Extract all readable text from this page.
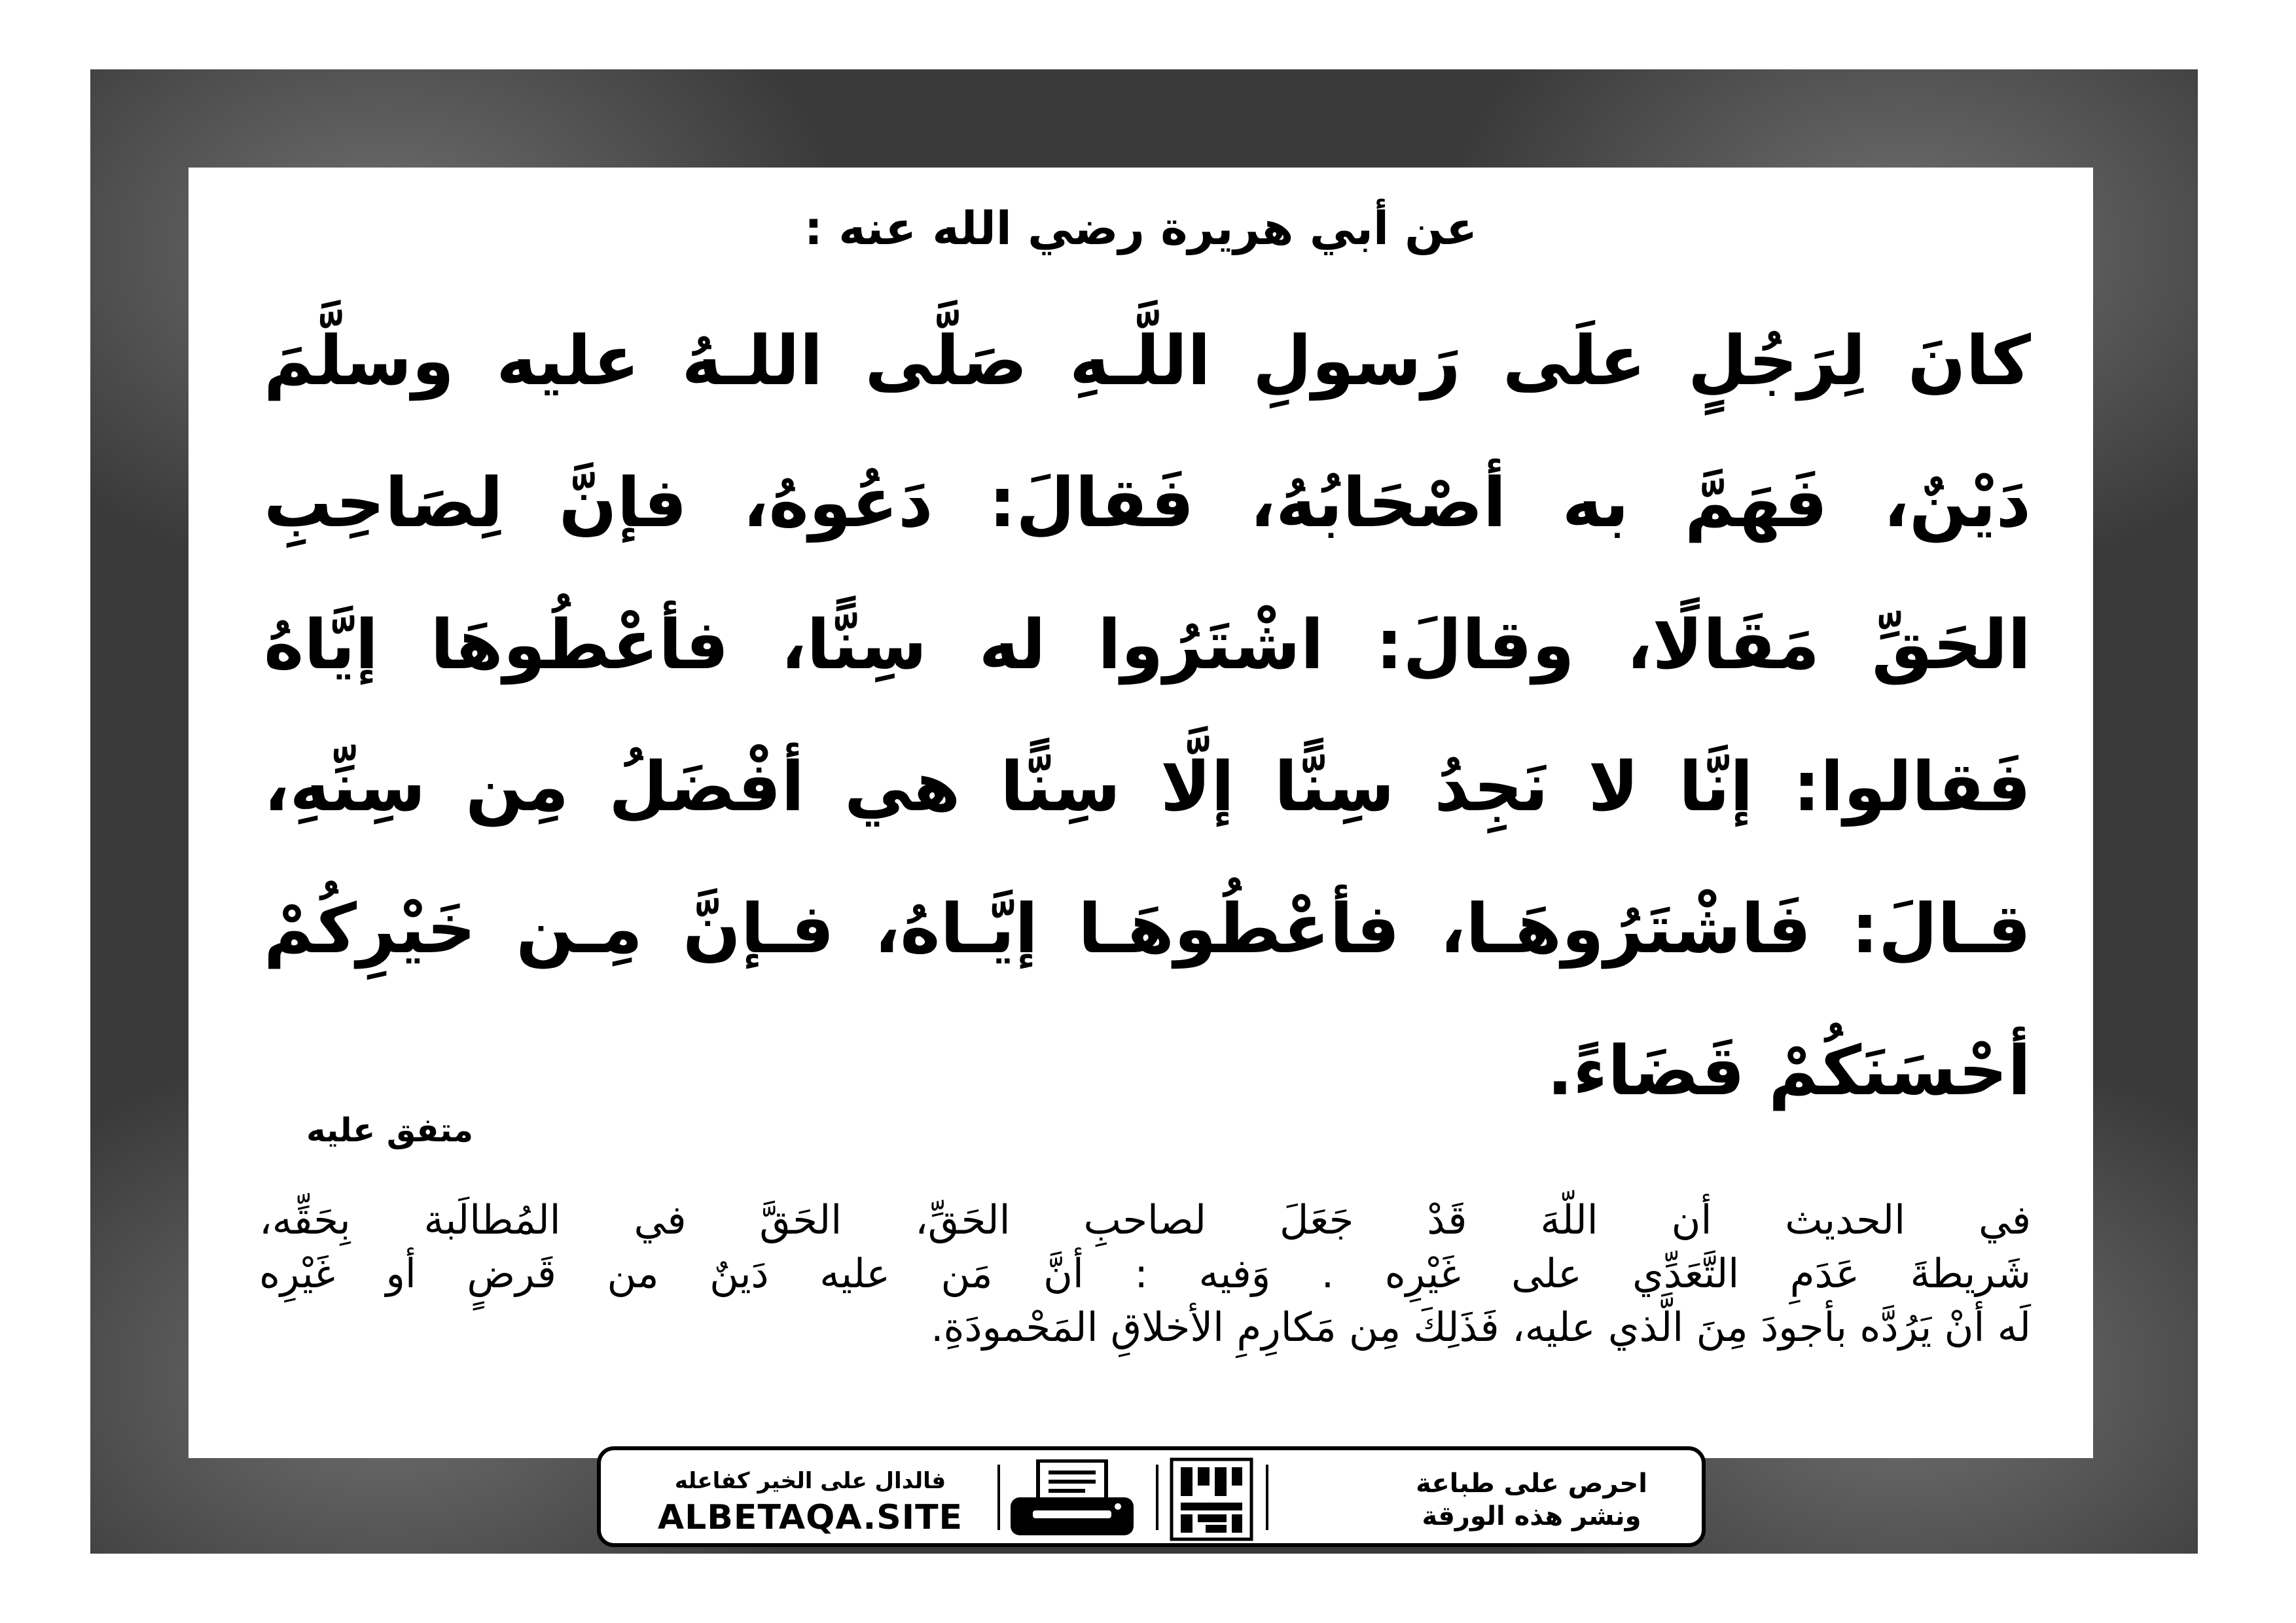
عن أبي هريرة رضي الله عنه :
كانَ لِرَجُلٍ علَى رَسولِ اللَّـهِ صَلَّى اللـهُ عليه وسلَّمَ
دَيْنٌ، فَهَمَّ به أصْحَابُهُ، فَقالَ: دَعُوهُ، فإنَّ لِصَاحِبِ
الحَقِّ مَقَالًا، وقالَ: اشْتَرُوا له سِنًّا، فأعْطُوهَا إيَّاهُ
فَقالوا: إنَّا لا نَجِدُ سِنًّا إلَّا سِنًّا هي أفْضَلُ مِن سِنِّهِ،
قـالَ: فَاشْتَرُوهَـا، فأعْطُوهَـا إيَّـاهُ، فـإنَّ مِـن خَيْرِكُمْ
أحْسَنَكُمْ قَضَاءً.
متفق عليه
في الحديث أن اللّهَ قَدْ جَعَلَ لصاحبِ الحَقِّ، الحَقَّ في المُطالَبة بِحَقِّه،
شَريطةَ عَدَمِ التَّعَدِّي على غَيْرِه . وَفيه : أنَّ مَن عليه دَينٌ من قَرضٍ أو غَيْرِه
لَه أنْ يَرُدَّه بأجودَ مِنَ الَّذي عليه، فَذَلِكَ مِن مَكارِمِ الأخلاقِ المَحْمودَةِ.
فالدال على الخير كفاعله
ALBETAQA.SITE
احرص على طباعة
ونشر هذه الورقة
